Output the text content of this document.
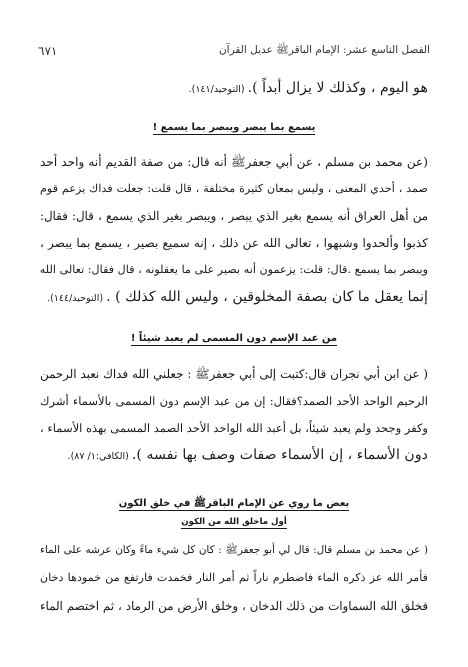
الفصل التاسع عشر: الإمام الباقرﷺ عديل القرآن
٦٧١
هو اليوم ، وكذلك لا يزال أبداً ). (التوحيد/١٤١).
يسمع بما يبصر ويبصر بما يسمع !
(عن محمد بن مسلم ، عن أبي جعفرﷺ أنه قال: من صفة القديم أنه واحد أحد
صمد ، أحدي المعنى ، وليس بمعان كثيرة مختلفة ، قال قلت: جعلت فداك يزعم قوم
من أهل العراق أنه يسمع بغير الذي يبصر ، ويبصر بغير الذي يسمع ، قال: فقال:
كذبوا وألحدوا وشبهوا ، تعالى الله عن ذلك ، إنه سميع بصير ، يسمع بما يبصر ،
ويبصر بما يسمع .قال: قلت: يزعمون أنه بصير على ما يعقلونه ، قال فقال: تعالى الله
إنما يعقل ما كان بصفة المخلوقين ، وليس الله كذلك ) . (التوحيد/١٤٤).
من عبد الإسم دون المسمى لم يعبد شيئاً !
( عن ابن أبي نجران قال:كتبت إلى أبي جعفرﷺ : جعلني الله فداك نعبد الرحمن
الرحيم الواحد الأحد الصمد؟فقال: إن من عبد الإسم دون المسمى بالأسماء أشرك
وكفر وجحد ولم يعبد شيئاً، بل أعبد الله الواحد الأحد الصمد المسمى بهذه الأسماء ،
دون الأسماء ، إن الأسماء صفات وصف بها نفسه ). (الكافي:١/ ٨٧).
بعض ما روي عن الإمام الباقرﷺ في خلق الكون
أول ماخلق الله من الكون
( عن محمد بن مسلم قال: قال لي أبو جعفرﷺ : كان كل شيء ماءً وكان عرشه على الماء
فأمر الله عز ذكره الماء فاضطرم ناراً ثم أمر النار فخمدت فارتفع من خمودها دخان
فخلق الله السماوات من ذلك الدخان ، وخلق الأرض من الرماد ، ثم اختصم الماء
